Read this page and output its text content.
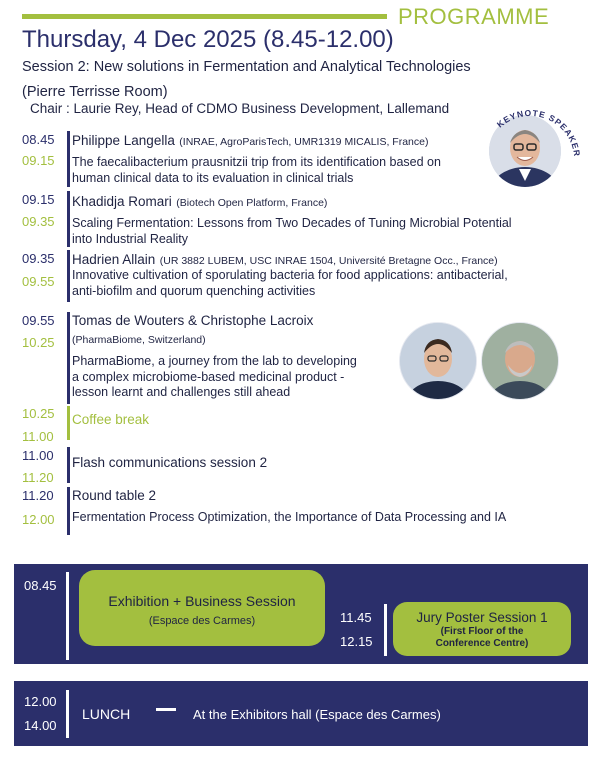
PROGRAMME
Thursday, 4 Dec 2025 (8.45-12.00)
Session 2: New solutions in Fermentation and Analytical Technologies
(Pierre Terrisse Room)
Chair : Laurie Rey, Head of CDMO Business Development, Lallemand
08.45
09.15
Philippe Langella (INRAE, AgroParisTech, UMR1319 MICALIS, France)
The faecalibacterium prausnitzii trip from its identification based on
human clinical data to its evaluation in clinical trials
KEYNOTE SPEAKER
09.15
09.35
Khadidja Romari (Biotech Open Platform, France)
Scaling Fermentation: Lessons from Two Decades of Tuning Microbial Potential
into Industrial Reality
09.35
09.55
Hadrien Allain (UR 3882 LUBEM, USC INRAE 1504, Université Bretagne Occ., France)
Innovative cultivation of sporulating bacteria for food applications: antibacterial,
anti-biofilm and quorum quenching activities
09.55
10.25
Tomas de Wouters & Christophe Lacroix
(PharmaBiome, Switzerland)
PharmaBiome, a journey from the lab to developing
a complex microbiome-based medicinal product -
lesson learnt and challenges still ahead
10.25
11.00
Coffee break
11.00
11.20
Flash communications session 2
11.20
12.00
Round table 2
Fermentation Process Optimization, the Importance of Data Processing and IA
08.45
Exhibition + Business Session
(Espace des Carmes)	11.45
12.15
Jury Poster Session 1
(First Floor of the
Conference Centre)
12.00
14.00
LUNCH	At the Exhibitors hall (Espace des Carmes)
